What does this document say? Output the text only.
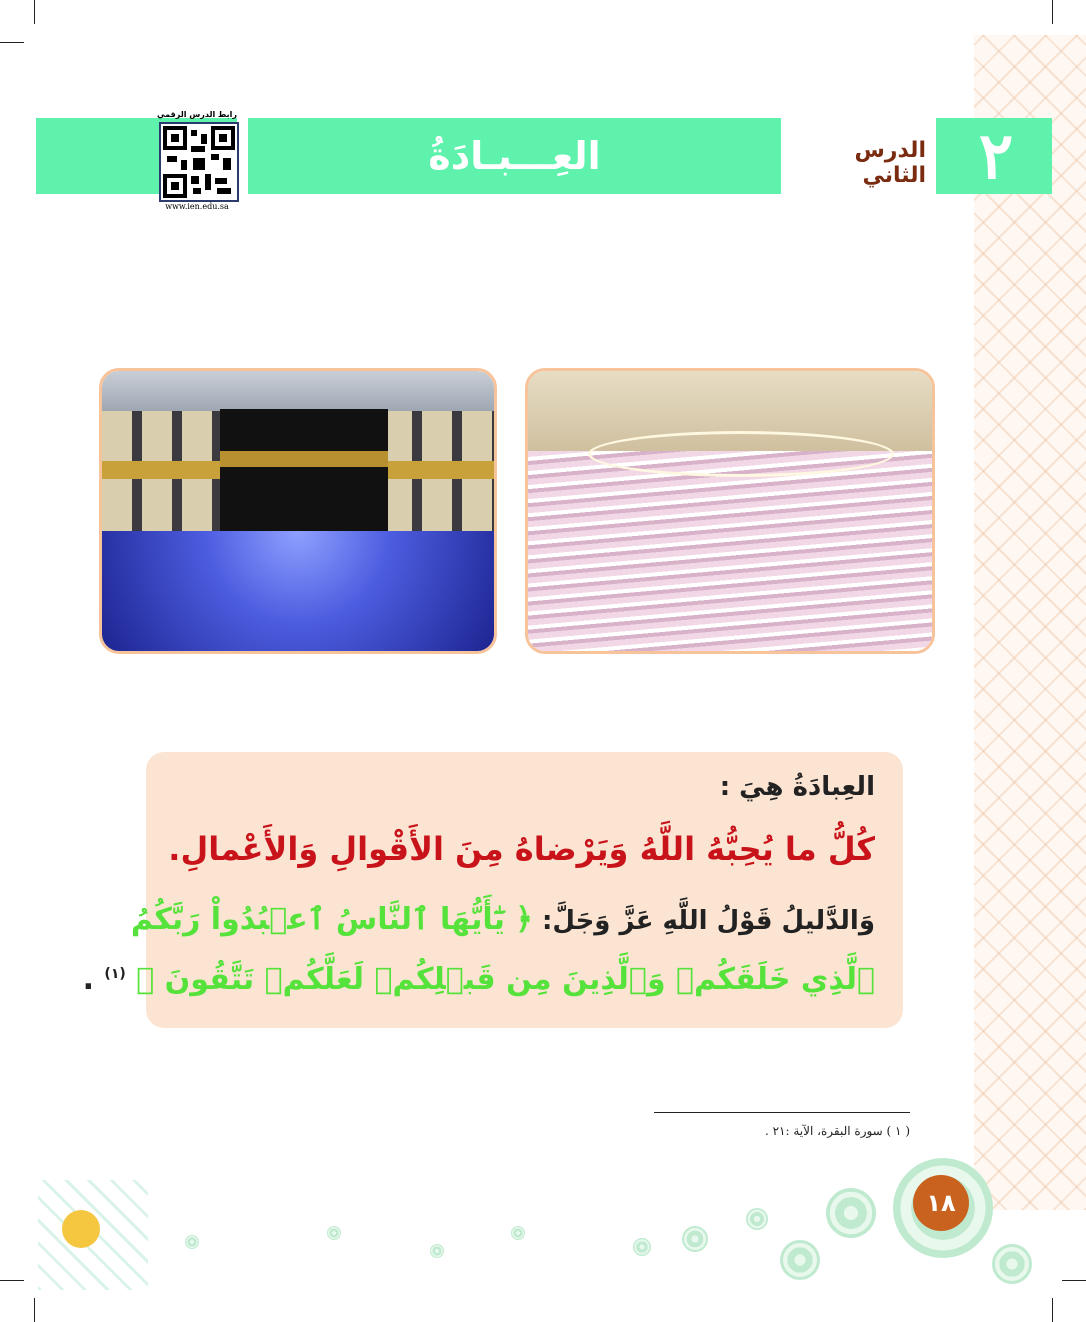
الدرس الثاني ٢
العِـــبـادَةُ
رابط الدرس الرقمي
www.ien.edu.sa
العِبادَةُ هِيَ :
كُلُّ ما يُحِبُّهُ اللَّهُ وَيَرْضاهُ مِنَ الأَقْوالِ وَالأَعْمالِ.
وَالدَّليلُ قَوْلُ اللَّهِ عَزَّ وَجَلَّ: ﴿ يَٰٓأَيُّهَا ٱلنَّاسُ ٱعۡبُدُواْ رَبَّكُمُ
ٱلَّذِي خَلَقَكُمۡ وَٱلَّذِينَ مِن قَبۡلِكُمۡ لَعَلَّكُمۡ تَتَّقُونَ ﴾ $^{(١)}$ .
( ١ ) سورة البقرة، الآية :٢١ .
١٨
